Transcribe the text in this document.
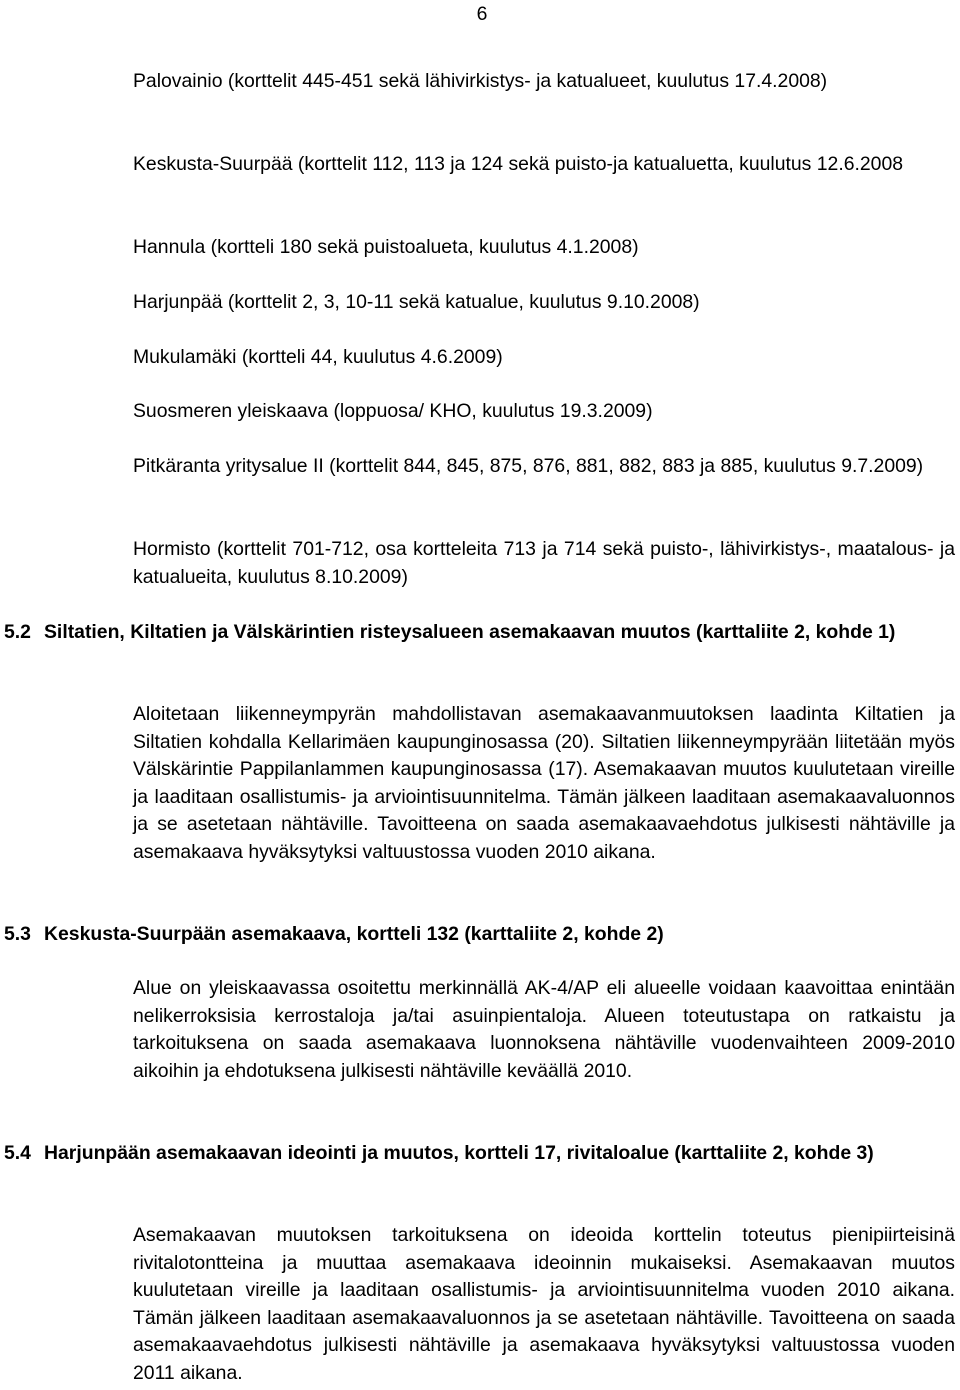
6

Palovainio (korttelit 445-451 sekä lähivirkistys- ja katualueet, kuulutus 17.4.2008)

Keskusta-Suurpää (korttelit 112, 113 ja 124 sekä puisto-ja katualuetta, kuulutus 12.6.2008

Hannula (kortteli 180 sekä puistoalueta, kuulutus 4.1.2008)

Harjunpää (korttelit 2, 3, 10-11 sekä katualue, kuulutus 9.10.2008)

Mukulamäki (kortteli 44, kuulutus 4.6.2009)

Suosmeren yleiskaava (loppuosa/ KHO, kuulutus 19.3.2009)

Pitkäranta yritysalue II (korttelit 844, 845, 875, 876, 881, 882, 883 ja 885, kuulutus 9.7.2009)

Hormisto (korttelit 701-712, osa kortteleita 713 ja 714 sekä puisto-, lähivirkistys-, maatalous- ja katualueita, kuulutus 8.10.2009)

5.2 Siltatien, Kiltatien ja Välskärintien risteysalueen asemakaavan muutos (karttaliite 2, kohde 1)

Aloitetaan liikenneympyrän mahdollistavan asemakaavanmuutoksen laadinta Kiltatien ja Siltatien kohdalla Kellarimäen kaupunginosassa (20). Siltatien liikenneympyrään liitetään myös Välskärintie Pappilanlammen kaupunginosassa (17). Asemakaavan muutos kuulutetaan vireille ja laaditaan osallistumis- ja arviointisuunnitelma. Tämän jälkeen laaditaan asemakaavaluonnos ja se asetetaan nähtäville. Tavoitteena on saada asemakaavaehdotus julkisesti nähtäville ja asemakaava hyväksytyksi valtuustossa vuoden 2010 aikana.

5.3 Keskusta-Suurpään asemakaava, kortteli 132 (karttaliite 2, kohde 2)

Alue on yleiskaavassa osoitettu merkinnällä AK-4/AP eli alueelle voidaan kaavoittaa enintään nelikerroksisia kerrostaloja ja/tai asuinpientaloja. Alueen toteutustapa on ratkaistu ja tarkoituksena on saada asemakaava luonnoksena nähtäville vuodenvaihteen 2009-2010 aikoihin ja ehdotuksena julkisesti nähtäville keväällä 2010.

5.4 Harjunpään asemakaavan ideointi ja muutos, kortteli 17, rivitaloalue (karttaliite 2, kohde 3)

Asemakaavan muutoksen tarkoituksena on ideoida korttelin toteutus pienipiirteisinä rivitalotontteina ja muuttaa asemakaava ideoinnin mukaiseksi. Asemakaavan muutos kuulutetaan vireille ja laaditaan osallistumis- ja arviointisuunnitelma vuoden 2010 aikana. Tämän jälkeen laaditaan asemakaavaluonnos ja se asetetaan nähtäville. Tavoitteena on saada asemakaavaehdotus julkisesti nähtäville ja asemakaava hyväksytyksi valtuustossa vuoden 2011 aikana.
